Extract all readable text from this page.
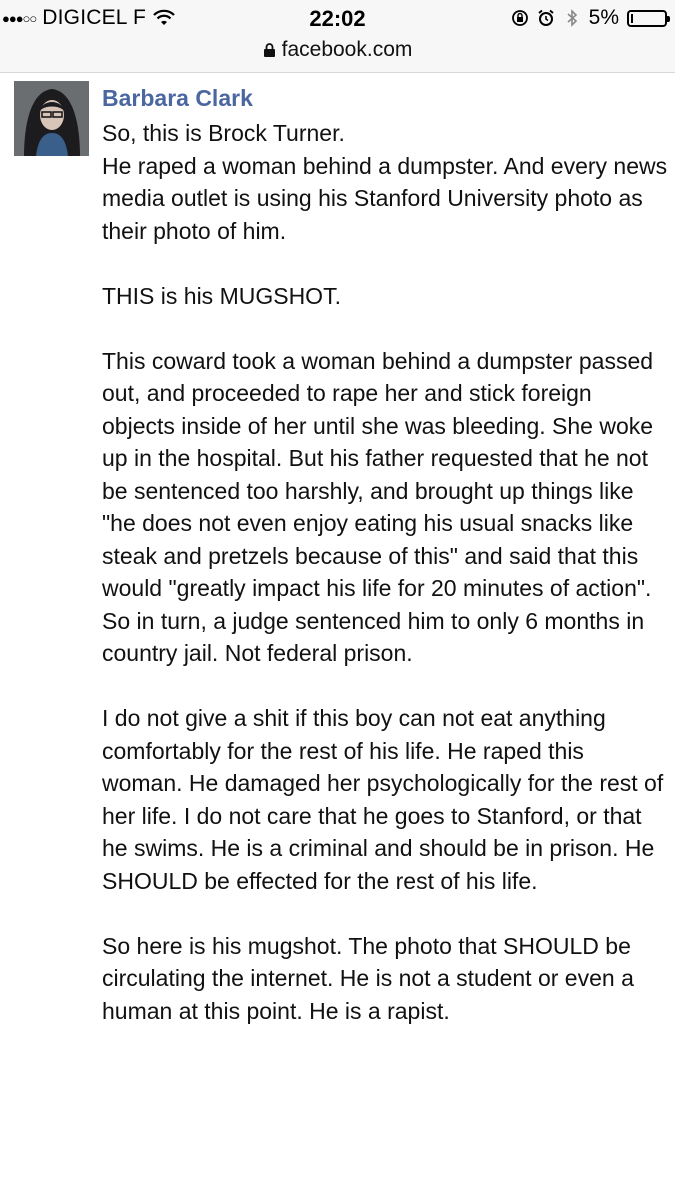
●●●○○ DIGICEL F	22:02	5%
facebook.com
Barbara Clark

So, this is Brock Turner.
He raped a woman behind a dumpster. And every news media outlet is using his Stanford University photo as their photo of him.

THIS is his MUGSHOT.

This coward took a woman behind a dumpster passed out, and proceeded to rape her and stick foreign objects inside of her until she was bleeding. She woke up in the hospital. But his father requested that he not be sentenced too harshly, and brought up things like "he does not even enjoy eating his usual snacks like steak and pretzels because of this" and said that this would "greatly impact his life for 20 minutes of action". So in turn, a judge sentenced him to only 6 months in country jail. Not federal prison.

I do not give a shit if this boy can not eat anything comfortably for the rest of his life. He raped this woman. He damaged her psychologically for the rest of her life. I do not care that he goes to Stanford, or that he swims. He is a criminal and should be in prison. He SHOULD be effected for the rest of his life.

So here is his mugshot. The photo that SHOULD be circulating the internet. He is not a student or even a human at this point. He is a rapist.
